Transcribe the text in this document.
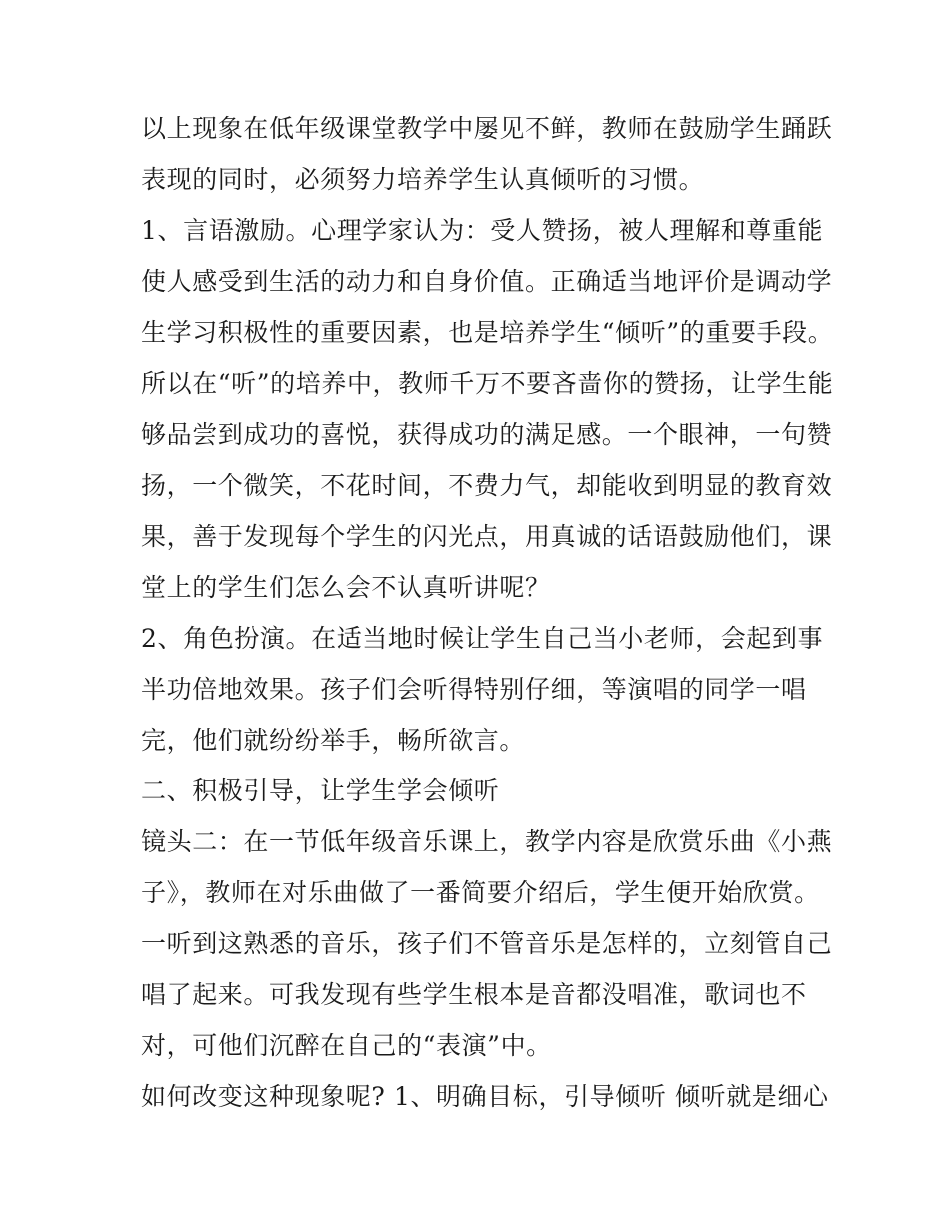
以上现象在低年级课堂教学中屡见不鲜，教师在鼓励学生踊跃
表现的同时，必须努力培养学生认真倾听的习惯。
1、言语激励。心理学家认为：受人赞扬，被人理解和尊重能
使人感受到生活的动力和自身价值。正确适当地评价是调动学
生学习积极性的重要因素，也是培养学生“倾听”的重要手段。
所以在“听”的培养中，教师千万不要吝啬你的赞扬，让学生能
够品尝到成功的喜悦，获得成功的满足感。一个眼神，一句赞
扬，一个微笑，不花时间，不费力气，却能收到明显的教育效
果，善于发现每个学生的闪光点，用真诚的话语鼓励他们，课
堂上的学生们怎么会不认真听讲呢？
2、角色扮演。在适当地时候让学生自己当小老师，会起到事
半功倍地效果。孩子们会听得特别仔细，等演唱的同学一唱
完，他们就纷纷举手，畅所欲言。
二、积极引导，让学生学会倾听
镜头二：在一节低年级音乐课上，教学内容是欣赏乐曲《小燕
子》，教师在对乐曲做了一番简要介绍后，学生便开始欣赏。
一听到这熟悉的音乐，孩子们不管音乐是怎样的，立刻管自己
唱了起来。可我发现有些学生根本是音都没唱准，歌词也不
对，可他们沉醉在自己的“表演”中。
如何改变这种现象呢? 1、明确目标，引导倾听 倾听就是细心
